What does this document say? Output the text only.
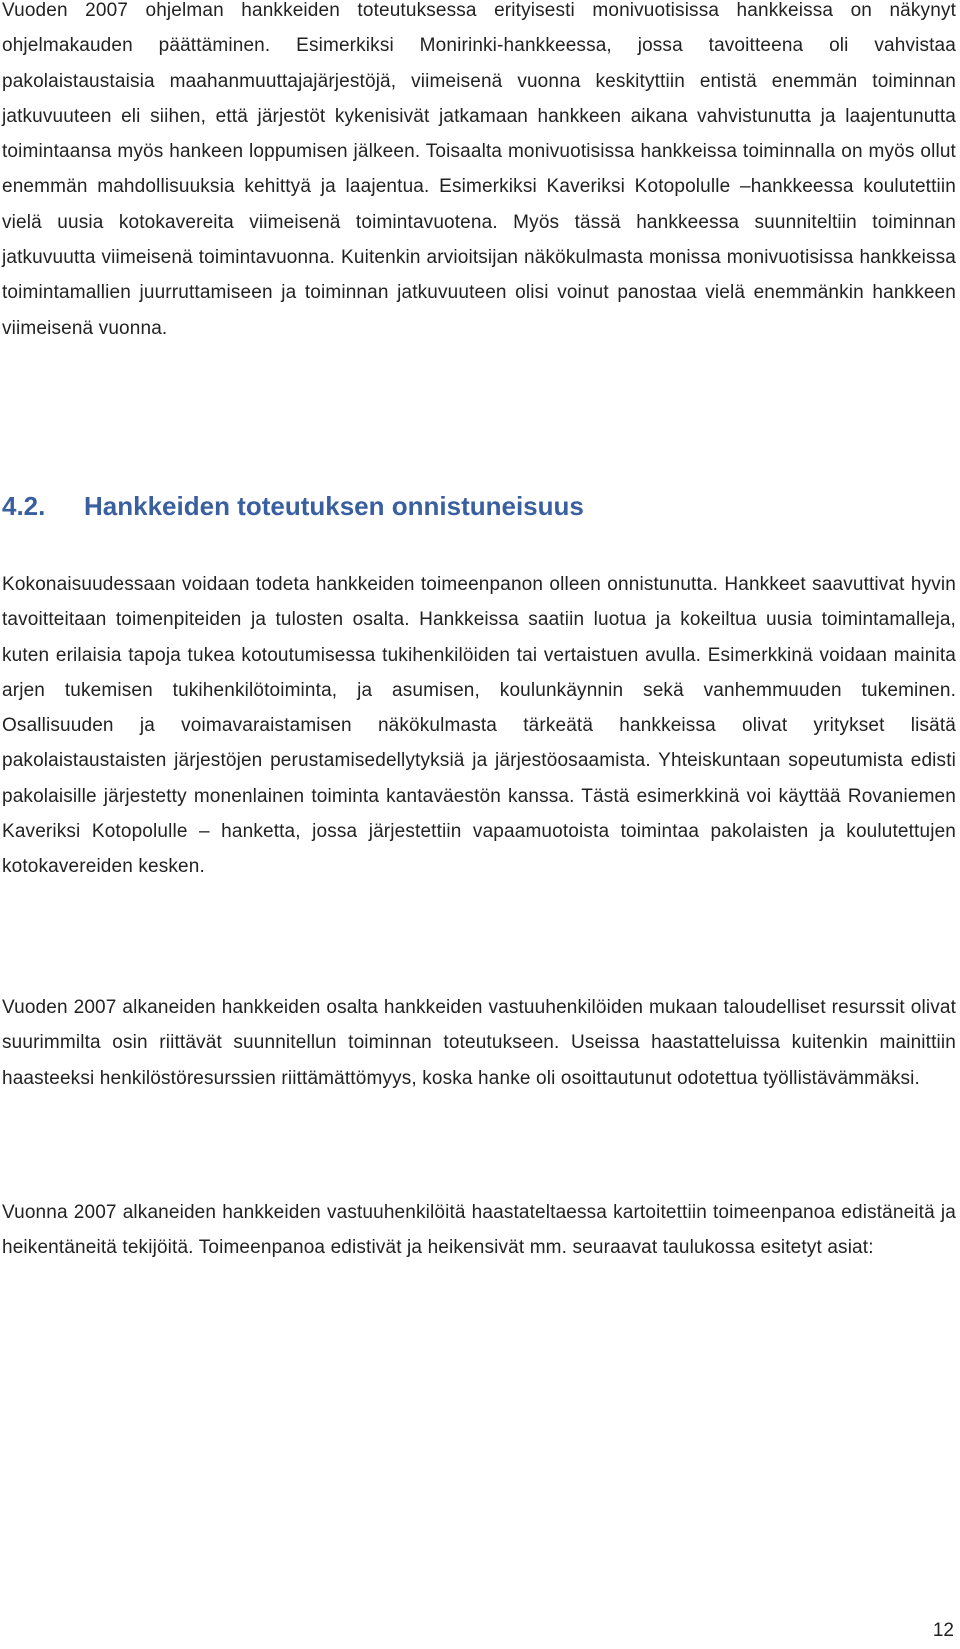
Vuoden 2007 ohjelman hankkeiden toteutuksessa erityisesti monivuotisissa hankkeissa on näkynyt ohjelmakauden päättäminen. Esimerkiksi Monirinki-hankkeessa, jossa tavoitteena oli vahvistaa pakolaistaustaisia maahanmuuttajajärjestöjä, viimeisenä vuonna keskityttiin entistä enemmän toiminnan jatkuvuuteen eli siihen, että järjestöt kykenisivät jatkamaan hankkeen aikana vahvistunutta ja laajentunutta toimintaansa myös hankeen loppumisen jälkeen. Toisaalta monivuotisissa hankkeissa toiminnalla on myös ollut enemmän mahdollisuuksia kehittyä ja laajentua. Esimerkiksi Kaveriksi Kotopolulle –hankkeessa koulutettiin vielä uusia kotokavereita viimeisenä toimintavuotena. Myös tässä hankkeessa suunniteltiin toiminnan jatkuvuutta viimeisenä toimintavuonna. Kuitenkin arvioitsijan näkökulmasta monissa monivuotisissa hankkeissa toimintamallien juurruttamiseen ja toiminnan jatkuvuuteen olisi voinut panostaa vielä enemmänkin hankkeen viimeisenä vuonna.

4.2.	Hankkeiden toteutuksen onnistuneisuus

Kokonaisuudessaan voidaan todeta hankkeiden toimeenpanon olleen onnistunutta. Hankkeet saavuttivat hyvin tavoitteitaan toimenpiteiden ja tulosten osalta. Hankkeissa saatiin luotua ja kokeiltua uusia toimintamalleja, kuten erilaisia tapoja tukea kotoutumisessa tukihenkilöiden tai vertaistuen avulla. Esimerkkinä voidaan mainita arjen tukemisen tukihenkilötoiminta, ja asumisen, koulunkäynnin sekä vanhemmuuden tukeminen. Osallisuuden ja voimavaraistamisen näkökulmasta tärkeätä hankkeissa olivat yritykset lisätä pakolaistaustaisten järjestöjen perustamisedellytyksiä ja järjestöosaamista. Yhteiskuntaan sopeutumista edisti pakolaisille järjestetty monenlainen toiminta kantaväestön kanssa. Tästä esimerkkinä voi käyttää Rovaniemen Kaveriksi Kotopolulle – hanketta, jossa järjestettiin vapaamuotoista toimintaa pakolaisten ja koulutettujen kotokavereiden kesken.

Vuoden 2007 alkaneiden hankkeiden osalta hankkeiden vastuuhenkilöiden mukaan taloudelliset resurssit olivat suurimmilta osin riittävät suunnitellun toiminnan toteutukseen. Useissa haastatteluissa kuitenkin mainittiin haasteeksi henkilöstöresurssien riittämättömyys, koska hanke oli osoittautunut odotettua työllistävämmäksi.

Vuonna 2007 alkaneiden hankkeiden vastuuhenkilöitä haastateltaessa kartoitettiin toimeenpanoa edistäneitä ja heikentäneitä tekijöitä. Toimeenpanoa edistivät ja heikensivät mm. seuraavat taulukossa esitetyt asiat:

12
